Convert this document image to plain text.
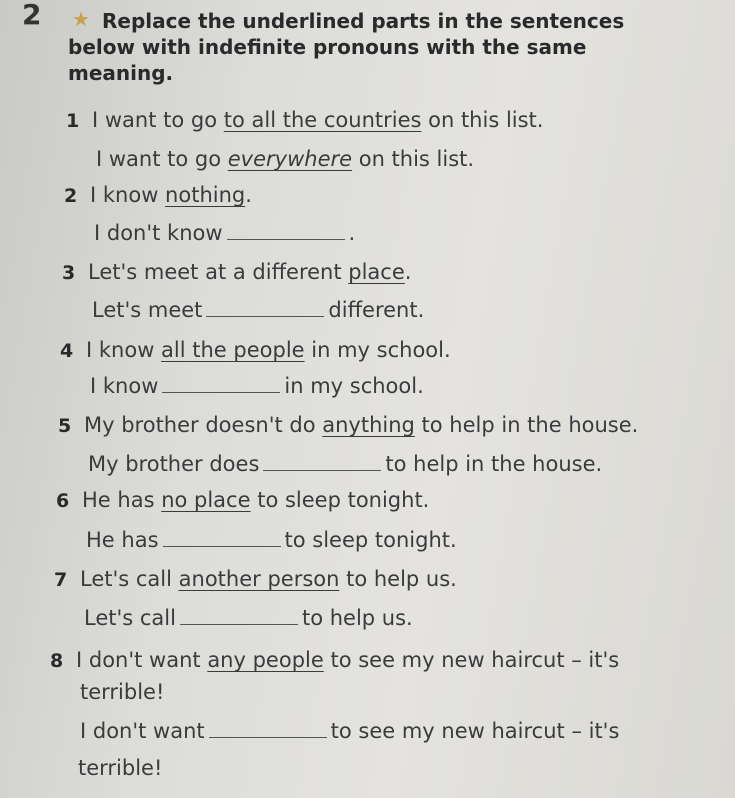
2 ★ Replace the underlined parts in the sentences below with indefinite pronouns with the same meaning.
1 I want to go to all the countries on this list.
I want to go everywhere on this list.
2 I know nothing.
I don't know	.
3 Let's meet at a different place.
Let's meet	different.
4 I know all the people in my school.
I know	in my school.
5 My brother doesn't do anything to help in the house.
My brother does	to help in the house.
6 He has no place to sleep tonight.
He has	to sleep tonight.
7 Let's call another person to help us.
Let's call	to help us.
8 I don't want any people to see my new haircut – it's
terrible!
I don't want	to see my new haircut – it's
terrible!
